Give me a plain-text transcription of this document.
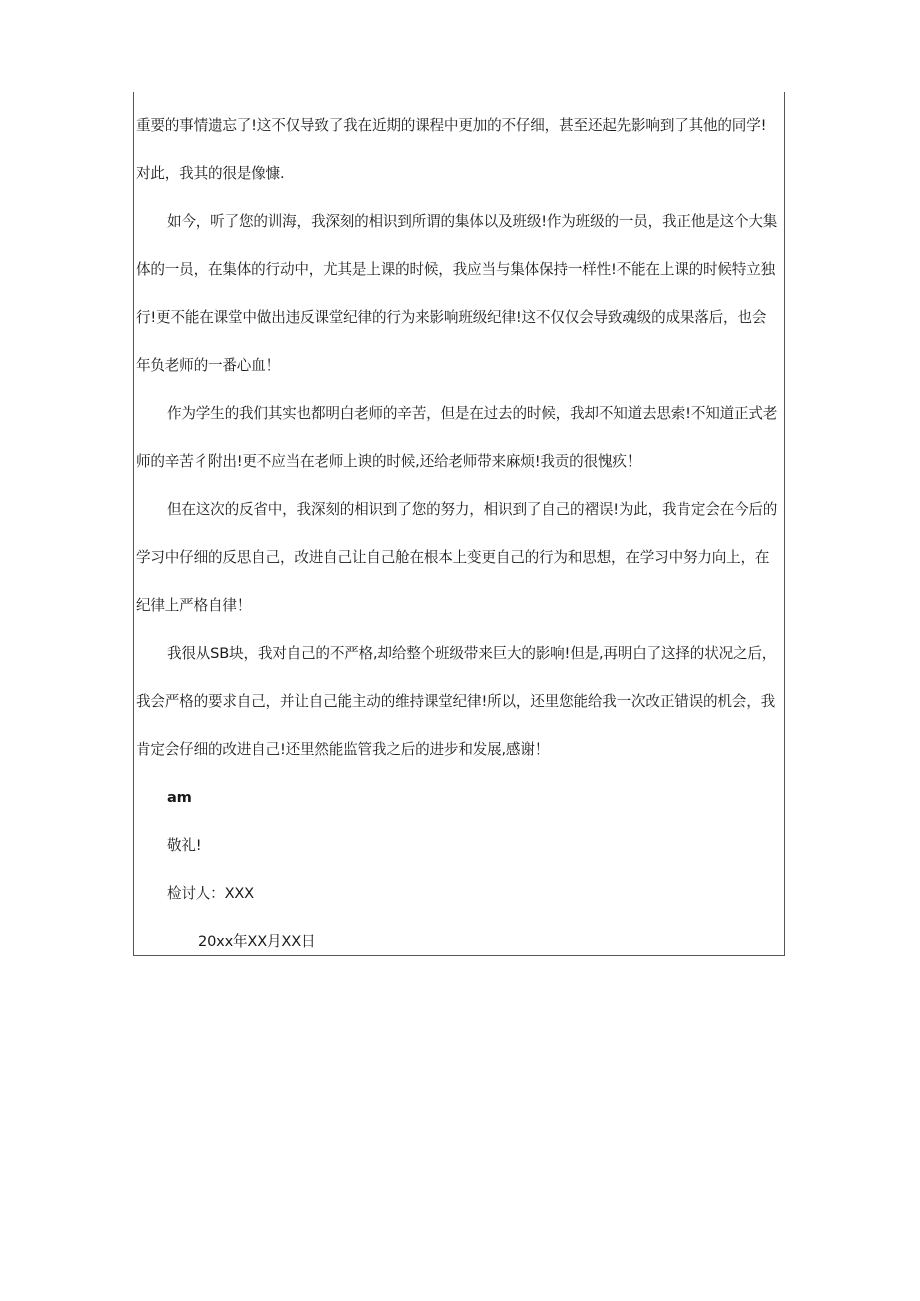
重要的事情遗忘了!这不仅导致了我在近期的课程中更加的不仔细，甚至还起先影响到了其他的同学!
对此，我其的很是像慷.
如今，听了您的训海，我深刻的相识到所谓的集体以及班级!作为班级的一员，我正他是这个大集
体的一员，在集体的行动中，尤其是上课的时候，我应当与集体保持一样性!不能在上课的时候特立独
行!更不能在课堂中做出违反课堂纪律的行为来影响班级纪律!这不仅仅会导致魂级的成果落后，也会
年负老师的一番心血！
作为学生的我们其实也都明白老师的辛苦，但是在过去的时候，我却不知道去思索!不知道正式老
师的辛苦彳附出!更不应当在老师上谀的时候,还给老师带来麻烦!我贡的很愧疚！
但在这次的反省中，我深刻的相识到了您的努力，相识到了自己的褶误!为此，我肯定会在今后的
学习中仔细的反思自己，改进自己让自己舱在根本上变更自己的行为和思想，在学习中努力向上，在
纪律上严格自律！
我很从SB块，我对自己的不严格,却给整个班级带来巨大的影响!但是,再明白了这择的状况之后，
我会严格的要求自己，并让自己能主动的维持课堂纪律!所以，还里您能给我一次改正错误的机会，我
肯定会仔细的改进自己!还里然能监管我之后的进步和发展,感谢！
am
敬礼!
检讨人：XXX
20xx年XX月XX日
